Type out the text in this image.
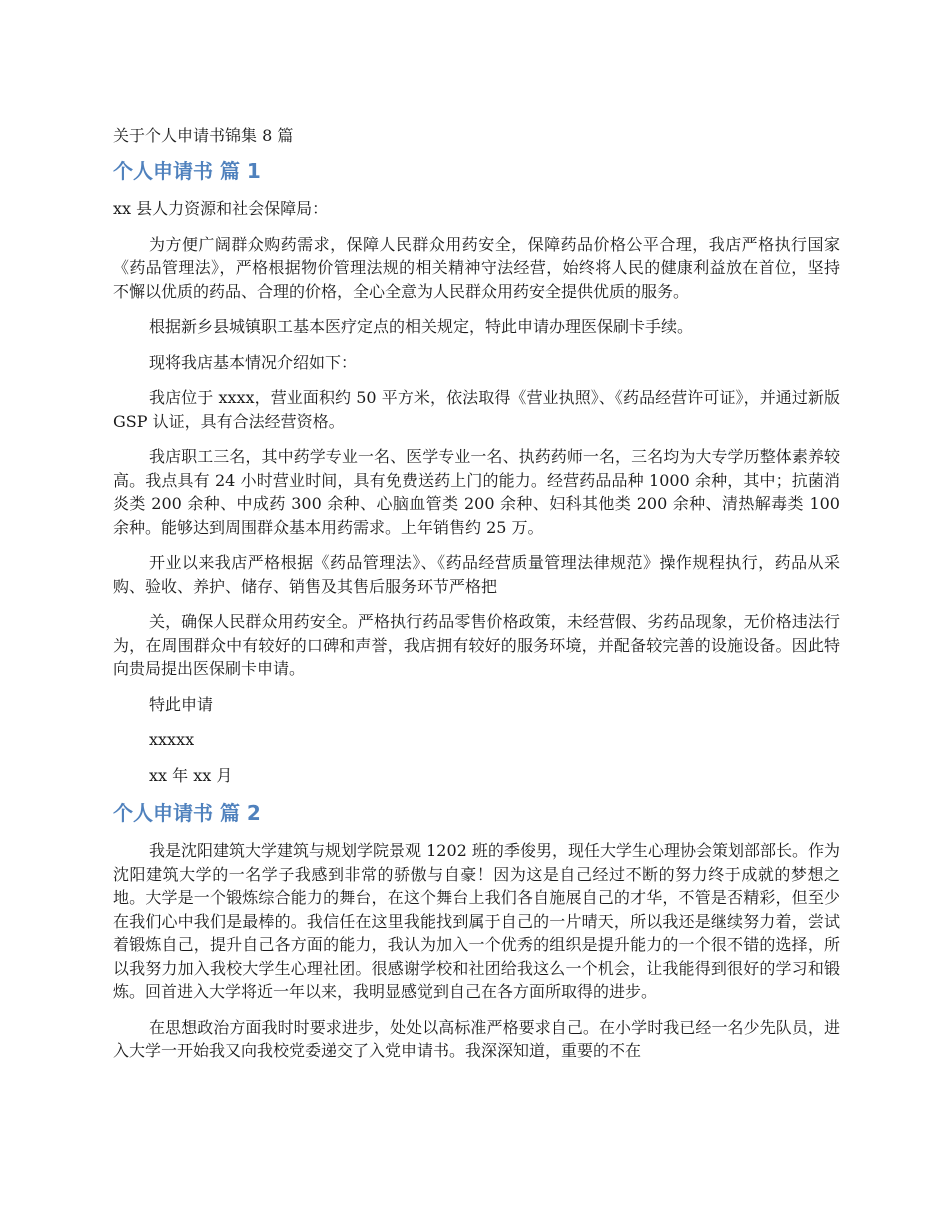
关于个人申请书锦集 8 篇
个人申请书 篇 1

xx 县人力资源和社会保障局：

为方便广阔群众购药需求，保障人民群众用药安全，保障药品价格公平合理，我店严格执行国家《药品管理法》，严格根据物价管理法规的相关精神守法经营，始终将人民的健康利益放在首位，坚持不懈以优质的药品、合理的价格，全心全意为人民群众用药安全提供优质的服务。

根据新乡县城镇职工基本医疗定点的相关规定，特此申请办理医保刷卡手续。

现将我店基本情况介绍如下：

我店位于 xxxx，营业面积约 50 平方米，依法取得《营业执照》、《药品经营许可证》，并通过新版 GSP 认证，具有合法经营资格。

我店职工三名，其中药学专业一名、医学专业一名、执药药师一名，三名均为大专学历整体素养较高。我点具有 24 小时营业时间，具有免费送药上门的能力。经营药品品种 1000 余种，其中；抗菌消炎类 200 余种、中成药 300 余种、心脑血管类 200 余种、妇科其他类 200 余种、清热解毒类 100 余种。能够达到周围群众基本用药需求。上年销售约 25 万。

开业以来我店严格根据《药品管理法》、《药品经营质量管理法律规范》操作规程执行，药品从采购、验收、养护、储存、销售及其售后服务环节严格把

关，确保人民群众用药安全。严格执行药品零售价格政策，未经营假、劣药品现象，无价格违法行为，在周围群众中有较好的口碑和声誉，我店拥有较好的服务环境，并配备较完善的设施设备。因此特向贵局提出医保刷卡申请。

特此申请

xxxxx

xx 年 xx 月

个人申请书 篇 2

我是沈阳建筑大学建筑与规划学院景观 1202 班的季俊男，现任大学生心理协会策划部部长。作为沈阳建筑大学的一名学子我感到非常的骄傲与自豪！因为这是自己经过不断的努力终于成就的梦想之地。大学是一个锻炼综合能力的舞台，在这个舞台上我们各自施展自己的才华，不管是否精彩，但至少在我们心中我们是最棒的。我信任在这里我能找到属于自己的一片晴天，所以我还是继续努力着，尝试着锻炼自己，提升自己各方面的能力，我认为加入一个优秀的组织是提升能力的一个很不错的选择，所以我努力加入我校大学生心理社团。很感谢学校和社团给我这么一个机会，让我能得到很好的学习和锻炼。回首进入大学将近一年以来，我明显感觉到自己在各方面所取得的进步。

在思想政治方面我时时要求进步，处处以高标准严格要求自己。在小学时我已经一名少先队员，进入大学一开始我又向我校党委递交了入党申请书。我深深知道，重要的不在
